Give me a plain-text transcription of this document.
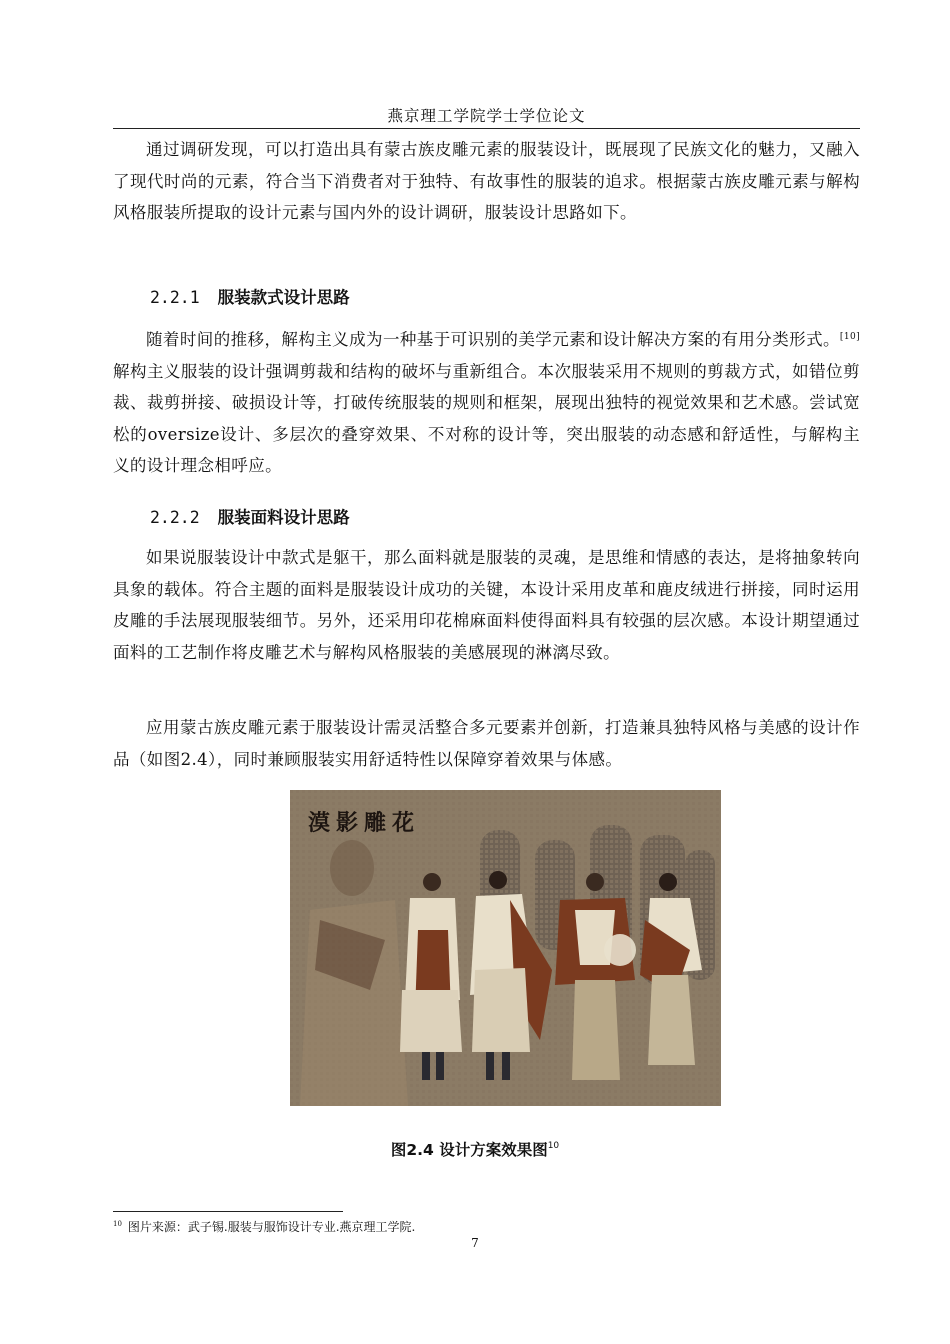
燕京理工学院学士学位论文

通过调研发现，可以打造出具有蒙古族皮雕元素的服装设计，既展现了民族文化的魅力，又融入了现代时尚的元素，符合当下消费者对于独特、有故事性的服装的追求。根据蒙古族皮雕元素与解构风格服装所提取的设计元素与国内外的设计调研，服装设计思路如下。

2.2.1 服装款式设计思路

随着时间的推移，解构主义成为一种基于可识别的美学元素和设计解决方案的有用分类形式。[10]解构主义服装的设计强调剪裁和结构的破坏与重新组合。本次服装采用不规则的剪裁方式，如错位剪裁、裁剪拼接、破损设计等，打破传统服装的规则和框架，展现出独特的视觉效果和艺术感。尝试宽松的oversize设计、多层次的叠穿效果、不对称的设计等，突出服装的动态感和舒适性，与解构主义的设计理念相呼应。

2.2.2 服装面料设计思路

如果说服装设计中款式是躯干，那么面料就是服装的灵魂，是思维和情感的表达，是将抽象转向具象的载体。符合主题的面料是服装设计成功的关键，本设计采用皮革和鹿皮绒进行拼接，同时运用皮雕的手法展现服装细节。另外，还采用印花棉麻面料使得面料具有较强的层次感。本设计期望通过面料的工艺制作将皮雕艺术与解构风格服装的美感展现的淋漓尽致。

应用蒙古族皮雕元素于服装设计需灵活整合多元要素并创新，打造兼具独特风格与美感的设计作品（如图2.4），同时兼顾服装实用舒适特性以保障穿着效果与体感。

漠影雕花
图2.4 设计方案效果图$^{10}$
$^{10}$ 图片来源：武子锡.服装与服饰设计专业.燕京理工学院.
7
